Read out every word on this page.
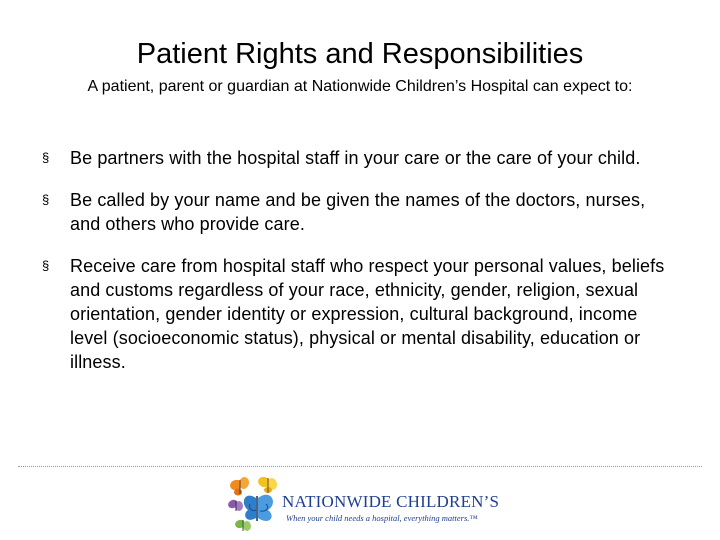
Patient Rights and Responsibilities
A patient, parent or guardian at Nationwide Children’s Hospital can expect to:
§	Be partners with the hospital staff in your care or the care of your child.
§	Be called by your name and be given the names of the doctors, nurses, and others who provide care.
§	Receive care from hospital staff who respect your personal values, beliefs and customs regardless of your race, ethnicity, gender, religion, sexual orientation, gender identity or expression, cultural background, income level (socioeconomic status), physical or mental disability, education or illness.
NATIONWIDE CHILDREN’S
When your child needs a hospital, everything matters.™
